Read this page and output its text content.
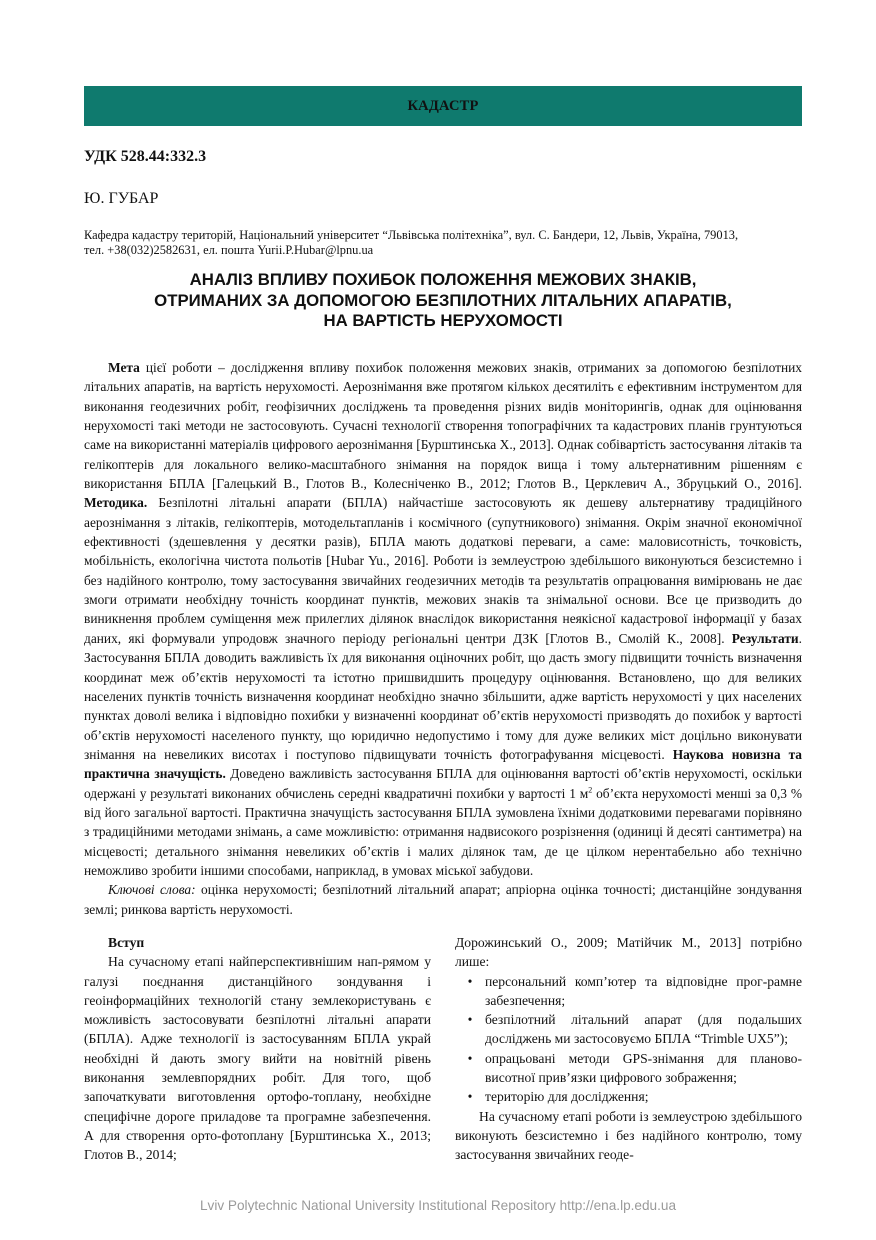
КАДАСТР
УДК 528.44:332.3
Ю. ГУБАР
Кафедра кадастру територій, Національний університет “Львівська політехніка”, вул. С. Бандери, 12, Львів, Україна, 79013,
тел. +38(032)2582631, ел. пошта Yurii.P.Hubar@lpnu.ua
АНАЛІЗ ВПЛИВУ ПОХИБОК ПОЛОЖЕННЯ МЕЖОВИХ ЗНАКІВ,
ОТРИМАНИХ ЗА ДОПОМОГОЮ БЕЗПІЛОТНИХ ЛІТАЛЬНИХ АПАРАТІВ,
НА ВАРТІСТЬ НЕРУХОМОСТІ

Мета цієї роботи – дослідження впливу похибок положення межових знаків, отриманих за допомогою безпілотних літальних апаратів, на вартість нерухомості. Аерознімання вже протягом кількох десятиліть є ефективним інструментом для виконання геодезичних робіт, геофізичних досліджень та проведення різних видів моніторингів, однак для оцінювання нерухомості такі методи не застосовують. Сучасні технології створення топографічних та кадастрових планів грунтуються саме на використанні матеріалів цифрового аерознімання [Бурштинська Х., 2013]. Однак собівартість застосування літаків та гелікоптерів для локального велико-масштабного знімання на порядок вища і тому альтернативним рішенням є використання БПЛА [Галецький В., Глотов В., Колесніченко В., 2012; Глотов В., Церклевич А., Збруцький О., 2016]. Методика. Безпілотні літальні апарати (БПЛА) найчастіше застосовують як дешеву альтернативу традиційного аерознімання з літаків, гелікоптерів, мотодельтапланів і космічного (супутникового) знімання. Окрім значної економічної ефективності (здешевлення у десятки разів), БПЛА мають додаткові переваги, а саме: маловисотність, точковість, мобільність, екологічна чистота польотів [Hubar Yu., 2016]. Роботи із землеустрою здебільшого виконуються безсистемно і без надійного контролю, тому застосування звичайних геодезичних методів та результатів опрацювання вимірювань не дає змоги отримати необхідну точність координат пунктів, межових знаків та знімальної основи. Все це призводить до виникнення проблем суміщення меж прилеглих ділянок внаслідок використання неякісної кадастрової інформації у базах даних, які формували упродовж значного періоду регіональні центри ДЗК [Глотов В., Смолій К., 2008]. Результати. Застосування БПЛА доводить важливість їх для виконання оціночних робіт, що дасть змогу підвищити точність визначення координат меж об’єктів нерухомості та істотно пришвидшить процедуру оцінювання. Встановлено, що для великих населених пунктів точність визначення координат необхідно значно збільшити, адже вартість нерухомості у цих населених пунктах доволі велика і відповідно похибки у визначенні координат об’єктів нерухомості призводять до похибок у вартості об’єктів нерухомості населеного пункту, що юридично недопустимо і тому для дуже великих міст доцільно виконувати знімання на невеликих висотах і поступово підвищувати точність фотографування місцевості. Наукова новизна та практична значущість. Доведено важливість застосування БПЛА для оцінювання вартості об’єктів нерухомості, оскільки одержані у результаті виконаних обчислень середні квадратичні похибки у вартості 1 $м^2$ об’єкта нерухомості менші за 0,3 % від його загальної вартості. Практична значущість застосування БПЛА зумовлена їхніми додатковими перевагами порівняно з традиційними методами знімань, а саме можливістю: отримання надвисокого розрізнення (одиниці й десяті сантиметра) на місцевості; детального знімання невеликих об’єктів і малих ділянок там, де це цілком нерентабельно або технічно неможливо зробити іншими способами, наприклад, в умовах міської забудови.

Ключові слова: оцінка нерухомості; безпілотний літальний апарат; апріорна оцінка точності; дистанційне зондування землі; ринкова вартість нерухомості.

Вступ

На сучасному етапі найперспективнішим нап-рямом у галузі поєднання дистанційного зондування і геоінформаційних технологій стану землекористувань є можливість застосовувати безпілотні літальні апарати (БПЛА). Адже технології із застосуванням БПЛА украй необхідні й дають змогу вийти на новітній рівень виконання землевпорядних робіт. Для того, щоб започаткувати виготовлення ортофо-топлану, необхідне специфічне дороге приладове та програмне забезпечення. А для створення орто-фотоплану [Бурштинська Х., 2013; Глотов В., 2014;

Дорожинський О., 2009; Матійчик М., 2013] потрібно лише:

• персональний комп’ютер та відповідне прог-рамне забезпечення;
• безпілотний літальний апарат (для подальших досліджень ми застосовуємо БПЛА “Trimble UX5”);
• опрацьовані методи GPS-знімання для планово-висотної прив’язки цифрового зображення;
• територію для дослідження;

На сучасному етапі роботи із землеустрою здебільшого виконують безсистемно і без надійного контролю, тому застосування звичайних геоде-

Lviv Polytechnic National University Institutional Repository http://ena.lp.edu.ua
